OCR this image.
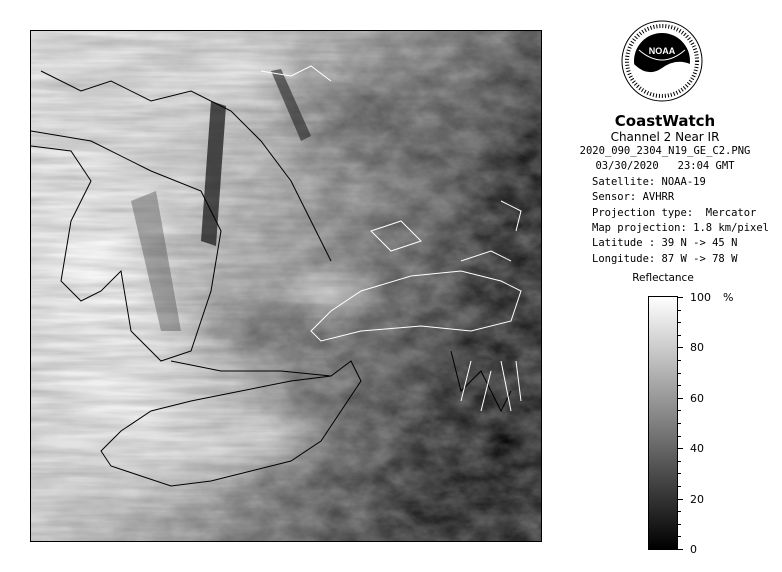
NOAA
CoastWatch
Channel 2 Near IR
2020_090_2304_N19_GE_C2.PNG
03/30/2020   23:04 GMT
Satellite: NOAA-19
Sensor: AVHRR
Projection type:  Mercator
Map projection: 1.8 km/pixel
Latitude : 39 N -> 45 N
Longitude: 87 W -> 78 W
Reflectance
%
100
80
60
40
20
0
